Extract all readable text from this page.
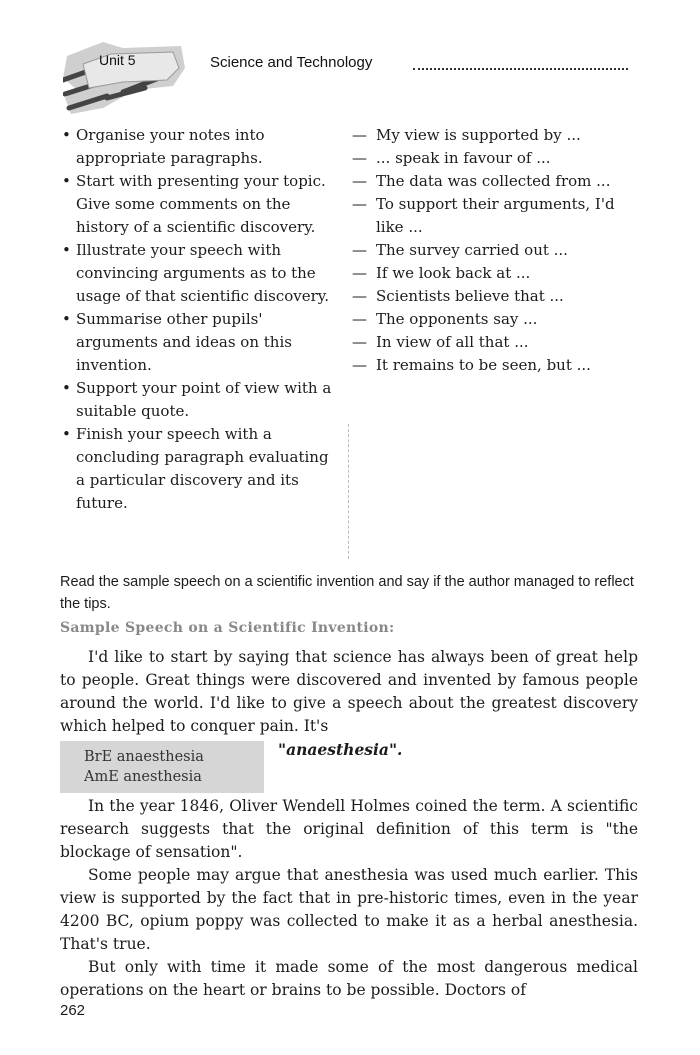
Unit 5	Science and Technology
• Organise your notes into appropriate paragraphs.
• Start with presenting your topic. Give some comments on the history of a scientific discovery.
• Illustrate your speech with convincing arguments as to the usage of that scientific discovery.
• Summarise other pupils' arguments and ideas on this invention.
• Support your point of view with a suitable quote.
• Finish your speech with a concluding paragraph evaluating a particular discovery and its future.
— My view is supported by ...
— ... speak in favour of ...
— The data was collected from ...
— To support their arguments, I'd like ...
— The survey carried out ...
— If we look back at ...
— Scientists believe that ...
— The opponents say ...
— In view of all that ...
— It remains to be seen, but ...
Read the sample speech on a scientific invention and say if the author managed to reflect the tips.
Sample Speech on a Scientific Invention:

I'd like to start by saying that science has always been of great help to people. Great things were discovered and invented by famous people around the world. I'd like to give a speech about the greatest discovery which helped to conquer pain. It's

BrE anaesthesia
AmE anesthesia
"anaesthesia".

In the year 1846, Oliver Wendell Holmes coined the term. A scientific research suggests that the original definition of this term is "the blockage of sensation".

Some people may argue that anesthesia was used much earlier. This view is supported by the fact that in pre-historic times, even in the year 4200 BC, opium poppy was collected to make it as a herbal anesthesia. That's true.

But only with time it made some of the most dangerous medical operations on the heart or brains to be possible. Doctors of

262
